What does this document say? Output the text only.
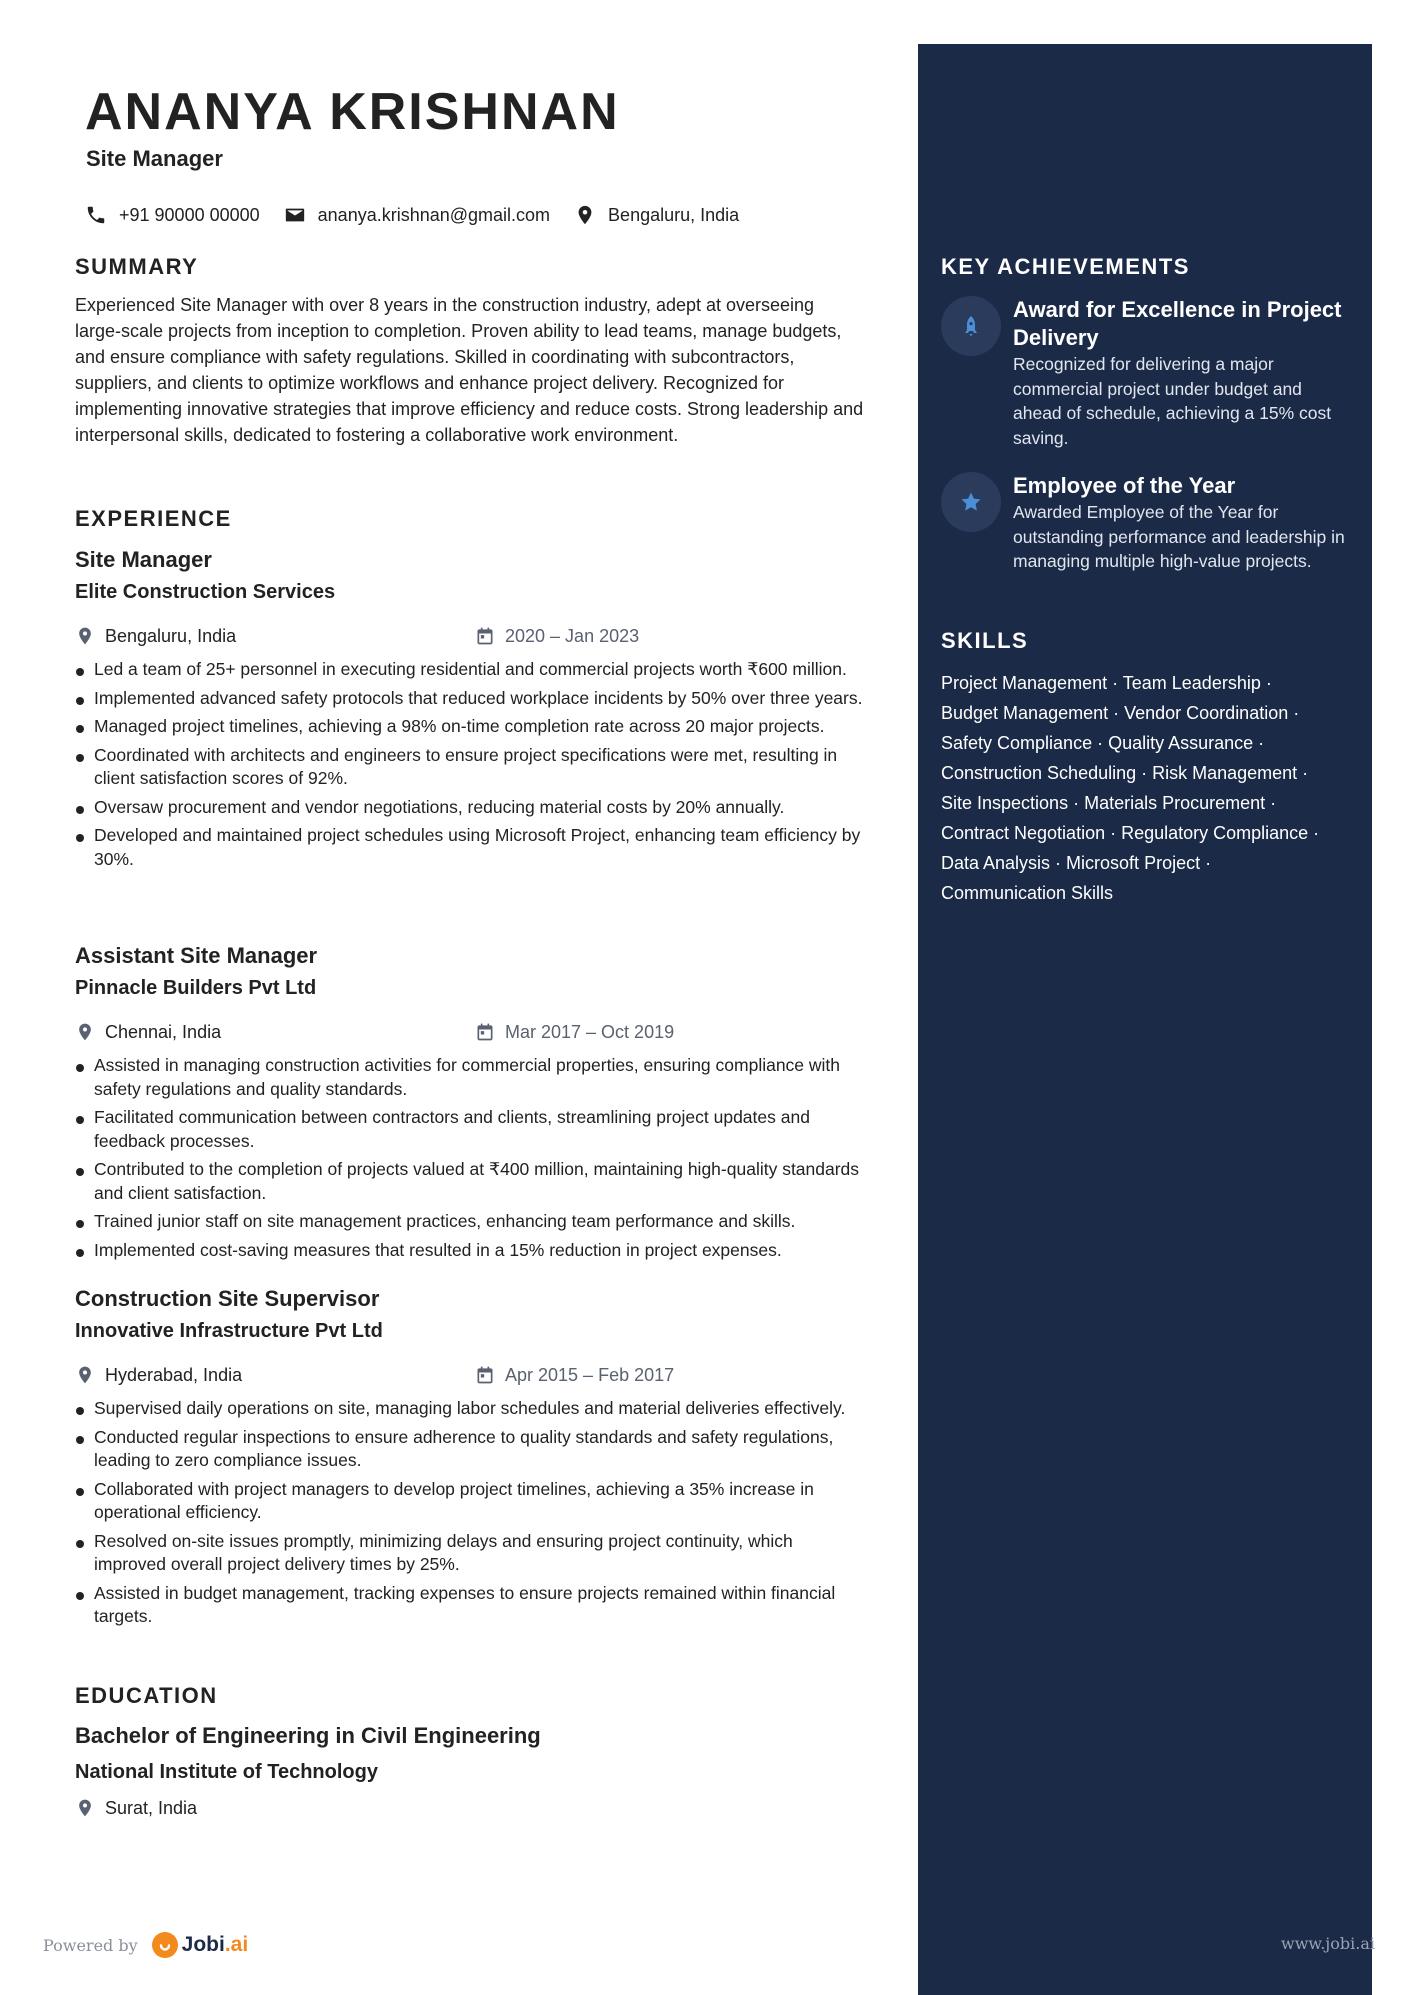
ANANYA KRISHNAN
Site Manager
+91 90000 00000	ananya.krishnan@gmail.com	Bengaluru, India
SUMMARY
Experienced Site Manager with over 8 years in the construction industry, adept at overseeing large-scale projects from inception to completion. Proven ability to lead teams, manage budgets, and ensure compliance with safety regulations. Skilled in coordinating with subcontractors, suppliers, and clients to optimize workflows and enhance project delivery. Recognized for implementing innovative strategies that improve efficiency and reduce costs. Strong leadership and interpersonal skills, dedicated to fostering a collaborative work environment.
EXPERIENCE
Site Manager
Elite Construction Services
Bengaluru, India	2020 – Jan 2023
Led a team of 25+ personnel in executing residential and commercial projects worth ₹600 million.
Implemented advanced safety protocols that reduced workplace incidents by 50% over three years.
Managed project timelines, achieving a 98% on-time completion rate across 20 major projects.
Coordinated with architects and engineers to ensure project specifications were met, resulting in client satisfaction scores of 92%.
Oversaw procurement and vendor negotiations, reducing material costs by 20% annually.
Developed and maintained project schedules using Microsoft Project, enhancing team efficiency by 30%.
Assistant Site Manager
Pinnacle Builders Pvt Ltd
Chennai, India	Mar 2017 – Oct 2019
Assisted in managing construction activities for commercial properties, ensuring compliance with safety regulations and quality standards.
Facilitated communication between contractors and clients, streamlining project updates and feedback processes.
Contributed to the completion of projects valued at ₹400 million, maintaining high-quality standards and client satisfaction.
Trained junior staff on site management practices, enhancing team performance and skills.
Implemented cost-saving measures that resulted in a 15% reduction in project expenses.
Construction Site Supervisor
Innovative Infrastructure Pvt Ltd
Hyderabad, India	Apr 2015 – Feb 2017
Supervised daily operations on site, managing labor schedules and material deliveries effectively.
Conducted regular inspections to ensure adherence to quality standards and safety regulations, leading to zero compliance issues.
Collaborated with project managers to develop project timelines, achieving a 35% increase in operational efficiency.
Resolved on-site issues promptly, minimizing delays and ensuring project continuity, which improved overall project delivery times by 25%.
Assisted in budget management, tracking expenses to ensure projects remained within financial targets.
EDUCATION
Bachelor of Engineering in Civil Engineering
National Institute of Technology
Surat, India
KEY ACHIEVEMENTS
Award for Excellence in Project Delivery
Recognized for delivering a major commercial project under budget and ahead of schedule, achieving a 15% cost saving.
Employee of the Year
Awarded Employee of the Year for outstanding performance and leadership in managing multiple high-value projects.
SKILLS
Project Management · Team Leadership ·
Budget Management · Vendor Coordination ·
Safety Compliance · Quality Assurance ·
Construction Scheduling · Risk Management ·
Site Inspections · Materials Procurement ·
Contract Negotiation · Regulatory Compliance ·
Data Analysis · Microsoft Project ·
Communication Skills
Powered by Jobi.ai	www.jobi.ai
